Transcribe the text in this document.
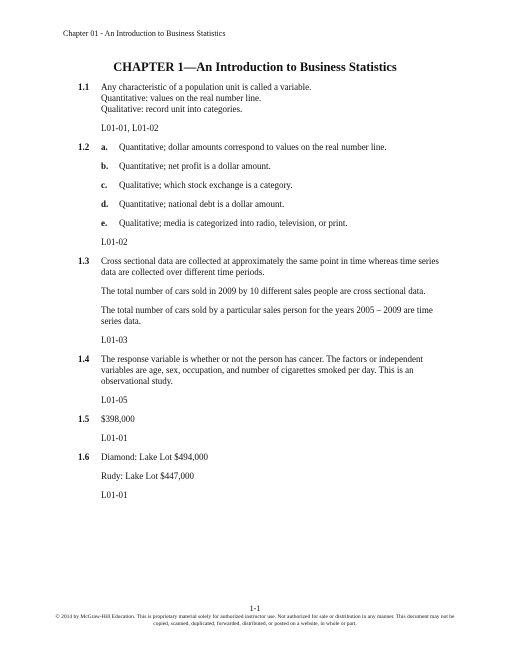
Chapter 01 - An Introduction to Business Statistics
CHAPTER 1—An Introduction to Business Statistics
1.1	Any characteristic of a population unit is called a variable.
Quantitative: values on the real number line.
Qualitative: record unit into categories.
L01-01, L01-02
1.2	a.	Quantitative; dollar amounts correspond to values on the real number line.
b.	Quantitative; net profit is a dollar amount.
c.	Qualitative; which stock exchange is a category.
d.	Quantitative; national debt is a dollar amount.
e.	Qualitative; media is categorized into radio, television, or print.
L01-02
1.3	Cross sectional data are collected at approximately the same point in time whereas time series data are collected over different time periods.
The total number of cars sold in 2009 by 10 different sales people are cross sectional data.
The total number of cars sold by a particular sales person for the years 2005 – 2009 are time series data.
L01-03
1.4	The response variable is whether or not the person has cancer. The factors or independent variables are age, sex, occupation, and number of cigarettes smoked per day. This is an observational study.
L01-05
1.5	$398,000
L01-01
1.6	Diamond: Lake Lot $494,000
Rudy: Lake Lot $447,000
L01-01
1-1
© 2014 by McGraw-Hill Education. This is proprietary material solely for authorized instructor use. Not authorized for sale or distribution in any manner. This document may not be copied, scanned, duplicated, forwarded, distributed, or posted on a website, in whole or part.
